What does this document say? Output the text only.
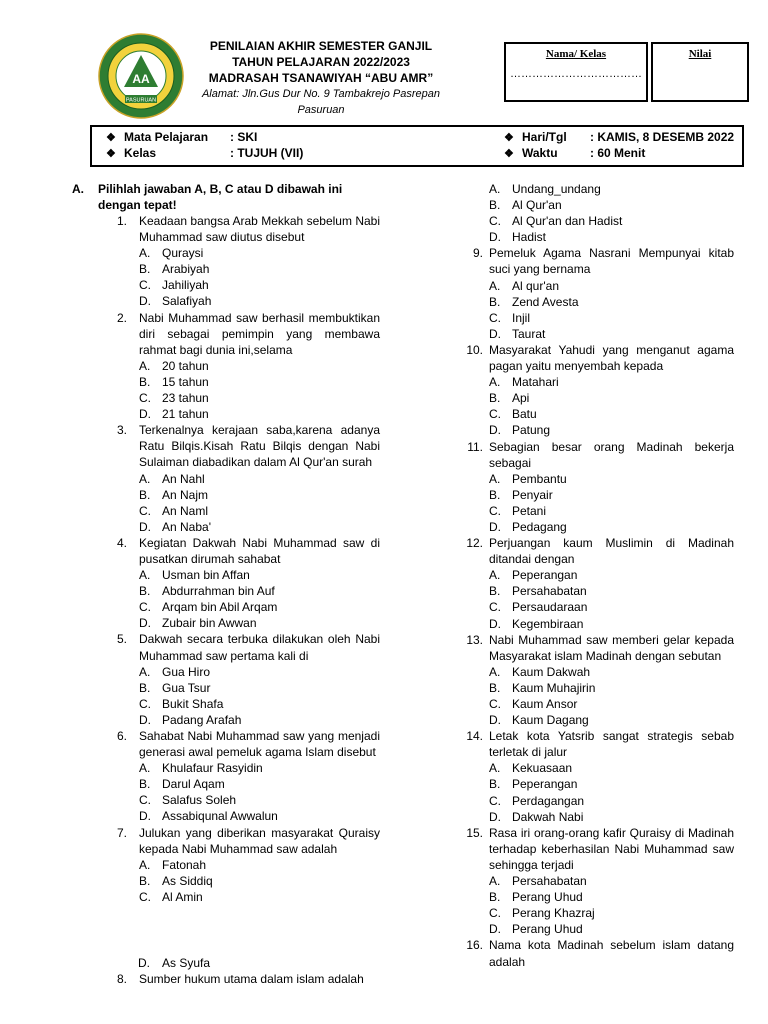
AA
PASURUAN
PENILAIAN AKHIR SEMESTER GANJIL
TAHUN PELAJARAN 2022/2023
MADRASAH TSANAWIYAH “ABU AMR”
Alamat: Jln.Gus Dur No. 9 Tambakrejo Pasrepan
Pasuruan
Nama/ Kelas
………………………………
Nilai
❖ Mata Pelajaran : SKI
❖ Kelas	: TUJUH (VII)
❖ Hari/Tgl : KAMIS, 8 DESEMB 2022
❖ Waktu	: 60 Menit
A. Pilihlah jawaban A, B, C atau D dibawah ini
dengan tepat!
1. Keadaan bangsa Arab Mekkah sebelum Nabi Muhammad saw diutus disebut
A. Quraysi
B. Arabiyah
C. Jahiliyah
D. Salafiyah
2. Nabi Muhammad saw berhasil membuktikan diri sebagai pemimpin yang membawa rahmat bagi dunia ini,selama
A. 20 tahun
B. 15 tahun
C. 23 tahun
D. 21 tahun
3. Terkenalnya kerajaan saba,karena adanya Ratu Bilqis.Kisah Ratu Bilqis dengan Nabi Sulaiman diabadikan dalam Al Qur'an surah
A. An Nahl
B. An Najm
C. An Naml
D. An Naba'
4. Kegiatan Dakwah Nabi Muhammad saw di pusatkan dirumah sahabat
A. Usman bin Affan
B. Abdurrahman bin Auf
C. Arqam bin Abil Arqam
D. Zubair bin Awwan
5. Dakwah secara terbuka dilakukan oleh Nabi Muhammad saw pertama kali di
A. Gua Hiro
B. Gua Tsur
C. Bukit Shafa
D. Padang Arafah
6. Sahabat Nabi Muhammad saw yang menjadi generasi awal pemeluk agama Islam disebut
A. Khulafaur Rasyidin
B. Darul Aqam
C. Salafus Soleh
D. Assabiqunal Awwalun
7. Julukan yang diberikan masyarakat Quraisy kepada Nabi Muhammad saw adalah
A. Fatonah
B. As Siddiq
C. Al Amin
D. As Syufa
8. Sumber hukum utama dalam islam adalah
A. Undang_undang
B. Al Qur'an
C. Al Qur'an dan Hadist
D. Hadist
9. Pemeluk Agama Nasrani Mempunyai kitab suci yang bernama
A. Al qur'an
B. Zend Avesta
C. Injil
D. Taurat
10. Masyarakat Yahudi yang menganut agama pagan yaitu menyembah kepada
A. Matahari
B. Api
C. Batu
D. Patung
11. Sebagian besar orang Madinah bekerja sebagai
A. Pembantu
B. Penyair
C. Petani
D. Pedagang
12. Perjuangan kaum Muslimin di Madinah ditandai dengan
A. Peperangan
B. Persahabatan
C. Persaudaraan
D. Kegembiraan
13. Nabi Muhammad saw memberi gelar kepada Masyarakat islam Madinah dengan sebutan
A. Kaum Dakwah
B. Kaum Muhajirin
C. Kaum Ansor
D. Kaum Dagang
14. Letak kota Yatsrib sangat strategis sebab terletak di jalur
A. Kekuasaan
B. Peperangan
C. Perdagangan
D. Dakwah Nabi
15. Rasa iri orang-orang kafir Quraisy di Madinah terhadap keberhasilan Nabi Muhammad saw sehingga terjadi
A. Persahabatan
B. Perang Uhud
C. Perang Khazraj
D. Perang Uhud
16. Nama kota Madinah sebelum islam datang adalah
